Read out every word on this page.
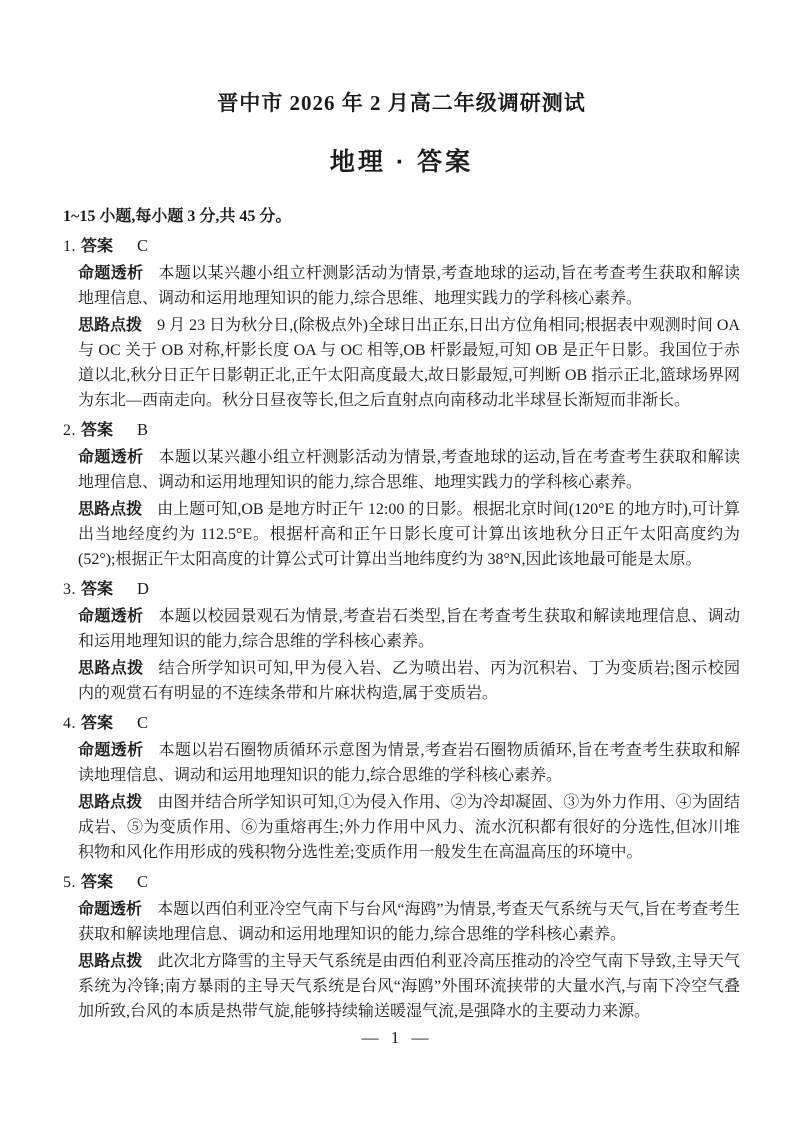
晋中市 2026 年 2 月高二年级调研测试
地理 · 答案

1~15 小题,每小题 3 分,共 45 分。

1. 答案 C

命题透析 本题以某兴趣小组立杆测影活动为情景,考查地球的运动,旨在考查考生获取和解读地理信息、调动和运用地理知识的能力,综合思维、地理实践力的学科核心素养。

思路点拨 9 月 23 日为秋分日,(除极点外)全球日出正东,日出方位角相同;根据表中观测时间 OA 与 OC 关于 OB 对称,杆影长度 OA 与 OC 相等,OB 杆影最短,可知 OB 是正午日影。我国位于赤道以北,秋分日正午日影朝正北,正午太阳高度最大,故日影最短,可判断 OB 指示正北,篮球场界网为东北—西南走向。秋分日昼夜等长,但之后直射点向南移动北半球昼长渐短而非渐长。

2. 答案 B

命题透析 本题以某兴趣小组立杆测影活动为情景,考查地球的运动,旨在考查考生获取和解读地理信息、调动和运用地理知识的能力,综合思维、地理实践力的学科核心素养。

思路点拨 由上题可知,OB 是地方时正午 12:00 的日影。根据北京时间(120°E 的地方时),可计算出当地经度约为 112.5°E。根据杆高和正午日影长度可计算出该地秋分日正午太阳高度约为(52°);根据正午太阳高度的计算公式可计算出当地纬度约为 38°N,因此该地最可能是太原。

3. 答案 D

命题透析 本题以校园景观石为情景,考查岩石类型,旨在考查考生获取和解读地理信息、调动和运用地理知识的能力,综合思维的学科核心素养。

思路点拨 结合所学知识可知,甲为侵入岩、乙为喷出岩、丙为沉积岩、丁为变质岩;图示校园内的观赏石有明显的不连续条带和片麻状构造,属于变质岩。

4. 答案 C

命题透析 本题以岩石圈物质循环示意图为情景,考查岩石圈物质循环,旨在考查考生获取和解读地理信息、调动和运用地理知识的能力,综合思维的学科核心素养。

思路点拨 由图并结合所学知识可知,①为侵入作用、②为冷却凝固、③为外力作用、④为固结成岩、⑤为变质作用、⑥为重熔再生;外力作用中风力、流水沉积都有很好的分选性,但冰川堆积物和风化作用形成的残积物分选性差;变质作用一般发生在高温高压的环境中。

5. 答案 C

命题透析 本题以西伯利亚冷空气南下与台风“海鸥”为情景,考查天气系统与天气,旨在考查考生获取和解读地理信息、调动和运用地理知识的能力,综合思维的学科核心素养。

思路点拨 此次北方降雪的主导天气系统是由西伯利亚冷高压推动的冷空气南下导致,主导天气系统为冷锋;南方暴雨的主导天气系统是台风“海鸥”外围环流挟带的大量水汽,与南下冷空气叠加所致,台风的本质是热带气旋,能够持续输送暖湿气流,是强降水的主要动力来源。

— 1 —
